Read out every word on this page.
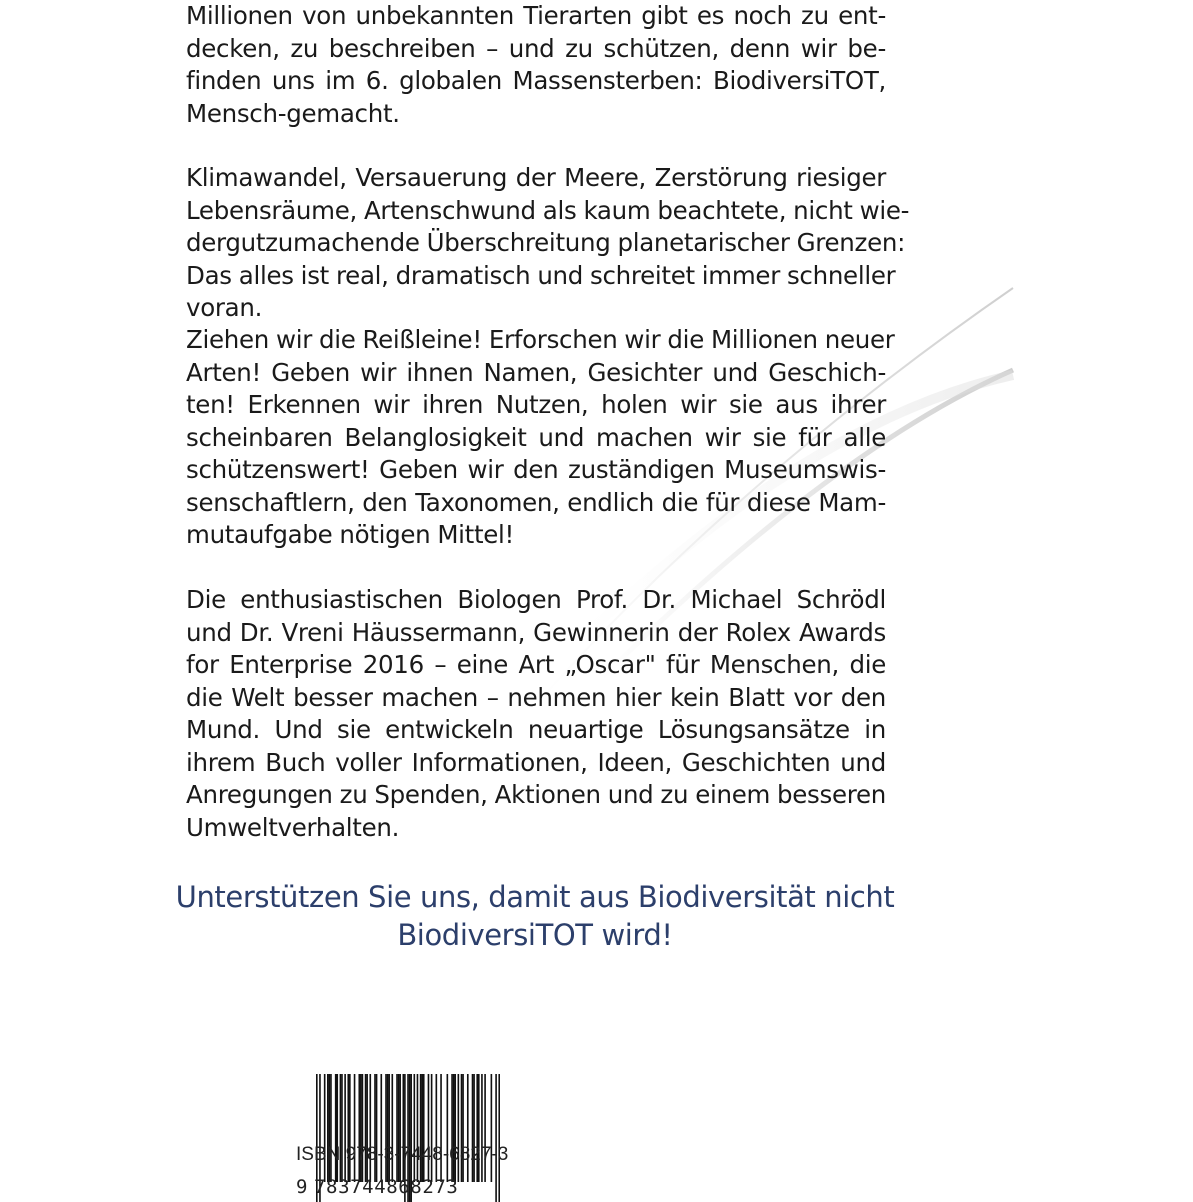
Millionen von unbekannten Tierarten gibt es noch zu ent-
decken, zu beschreiben – und zu schützen, denn wir be-
finden uns im 6. globalen Massensterben: BiodiversiTOT,
Mensch-gemacht.
Klimawandel, Versauerung der Meere, Zerstörung riesiger
Lebensräume, Artenschwund als kaum beachtete, nicht wie-
dergutzumachende Überschreitung planetarischer Grenzen:
Das alles ist real, dramatisch und schreitet immer schneller
voran.
Ziehen wir die Reißleine! Erforschen wir die Millionen neuer
Arten! Geben wir ihnen Namen, Gesichter und Geschich-
ten! Erkennen wir ihren Nutzen, holen wir sie aus ihrer
scheinbaren Belanglosigkeit und machen wir sie für alle
schützenswert! Geben wir den zuständigen Museumswis-
senschaftlern, den Taxonomen, endlich die für diese Mam-
mutaufgabe nötigen Mittel!
Die enthusiastischen Biologen Prof. Dr. Michael Schrödl
und Dr. Vreni Häussermann, Gewinnerin der Rolex Awards
for Enterprise 2016 – eine Art „Oscar" für Menschen, die
die Welt besser machen – nehmen hier kein Blatt vor den
Mund. Und sie entwickeln neuartige Lösungsansätze in
ihrem Buch voller Informationen, Ideen, Geschichten und
Anregungen zu Spenden, Aktionen und zu einem besseren
Umweltverhalten.
Unterstützen Sie uns, damit aus Biodiversität nicht
BiodiversiTOT wird!
9 783744868273
ISBN 978-3-7448-6827-3
